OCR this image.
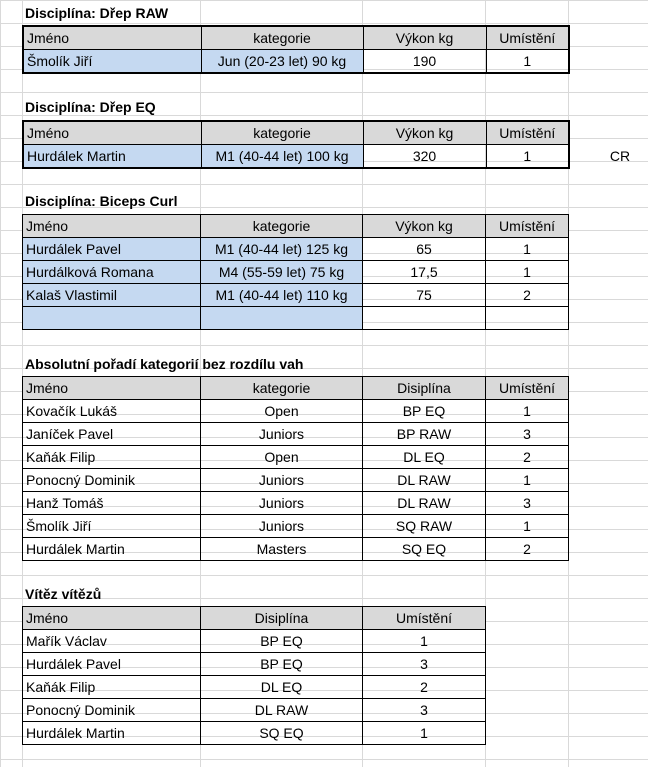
Disciplína: Dřep RAW
Jméno	kategorie	Výkon kg	Umístění
Šmolík Jiří	Jun (20-23 let) 90 kg	190	1
Disciplína: Dřep EQ
Jméno	kategorie	Výkon kg	Umístění
Hurdálek Martin	M1 (40-44 let) 100 kg	320	1	CR
Disciplína: Biceps Curl
Jméno	kategorie	Výkon kg	Umístění
Hurdálek Pavel	M1 (40-44 let) 125 kg	65	1
Hurdálková Romana	M4 (55-59 let) 75 kg	17,5	1
Kalaš Vlastimil	M1 (40-44 let) 110 kg	75	2

Absolutní pořadí kategorií bez rozdílu vah
Jméno	kategorie	Disiplína	Umístění
Kovačík Lukáš	Open	BP EQ	1
Janíček Pavel	Juniors	BP RAW	3
Kaňák Filip	Open	DL EQ	2
Ponocný Dominik	Juniors	DL RAW	1
Hanž Tomáš	Juniors	DL RAW	3
Šmolík Jiří	Juniors	SQ RAW	1
Hurdálek Martin	Masters	SQ EQ	2
Vítěz vítězů
Jméno	Disiplína	Umístění
Mařík Václav	BP EQ	1
Hurdálek Pavel	BP EQ	3
Kaňák Filip	DL EQ	2
Ponocný Dominik	DL RAW	3
Hurdálek Martin	SQ EQ	1
